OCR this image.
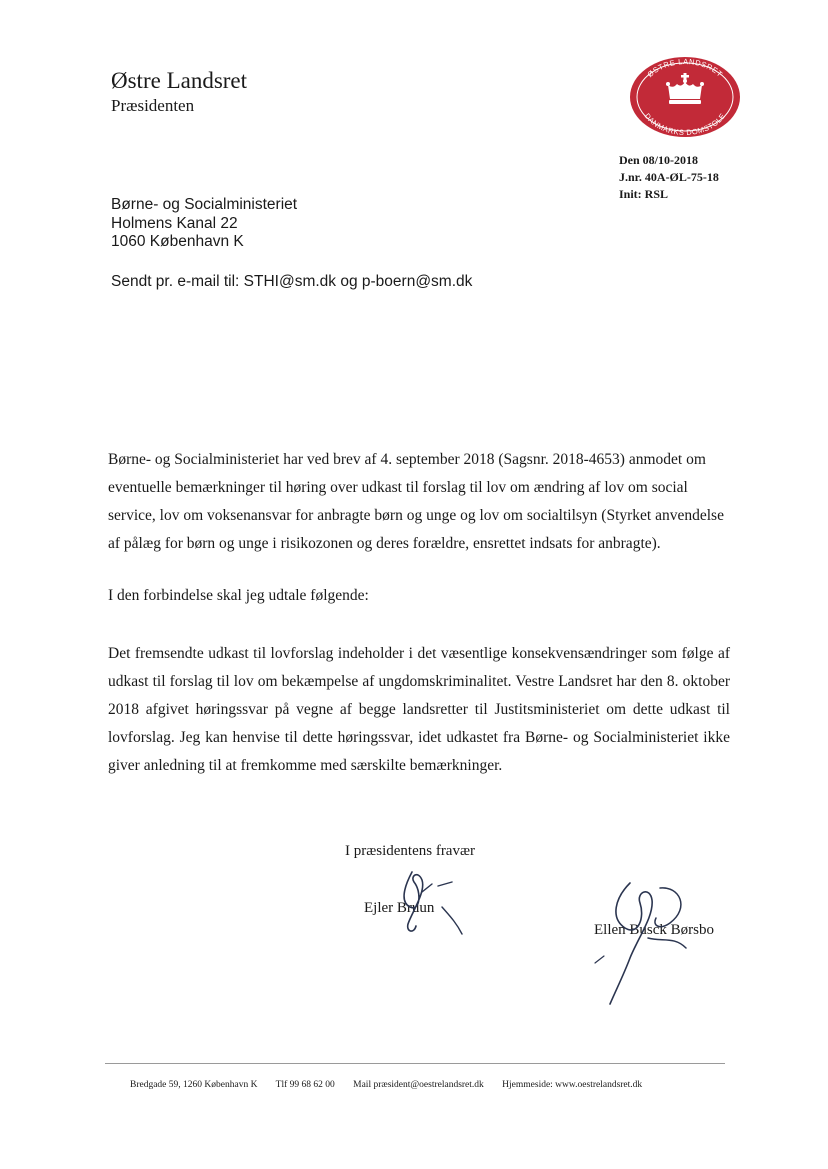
Østre Landsret
Præsidenten
ØSTRE LANDSRET
DANMARKS DOMSTOLE
Den 08/10-2018
J.nr. 40A-ØL-75-18
Init: RSL
Børne- og Socialministeriet
Holmens Kanal 22
1060 København K
Sendt pr. e-mail til: STHI@sm.dk og p-boern@sm.dk
Børne- og Socialministeriet har ved brev af 4. september 2018 (Sagsnr. 2018-4653) anmodet om eventuelle bemærkninger til høring over udkast til forslag til lov om ændring af lov om social service, lov om voksenansvar for anbragte børn og unge og lov om socialtilsyn (Styrket anvendelse af pålæg for børn og unge i risikozonen og deres forældre, ensrettet indsats for anbragte).
I den forbindelse skal jeg udtale følgende:
Det fremsendte udkast til lovforslag indeholder i det væsentlige konsekvensændringer som følge af udkast til forslag til lov om bekæmpelse af ungdomskriminalitet. Vestre Landsret har den 8. oktober 2018 afgivet høringssvar på vegne af begge landsretter til Justitsministeriet om dette udkast til lovforslag. Jeg kan henvise til dette høringssvar, idet udkastet fra Børne- og Socialministeriet ikke giver anledning til at fremkomme med særskilte bemærkninger.
I præsidentens fravær
Ejler Bruun
Ellen Busck Børsbo
Bredgade 59, 1260 København K Tlf 99 68 62 00 Mail præsident@oestrelandsret.dk Hjemmeside: www.oestrelandsret.dk
